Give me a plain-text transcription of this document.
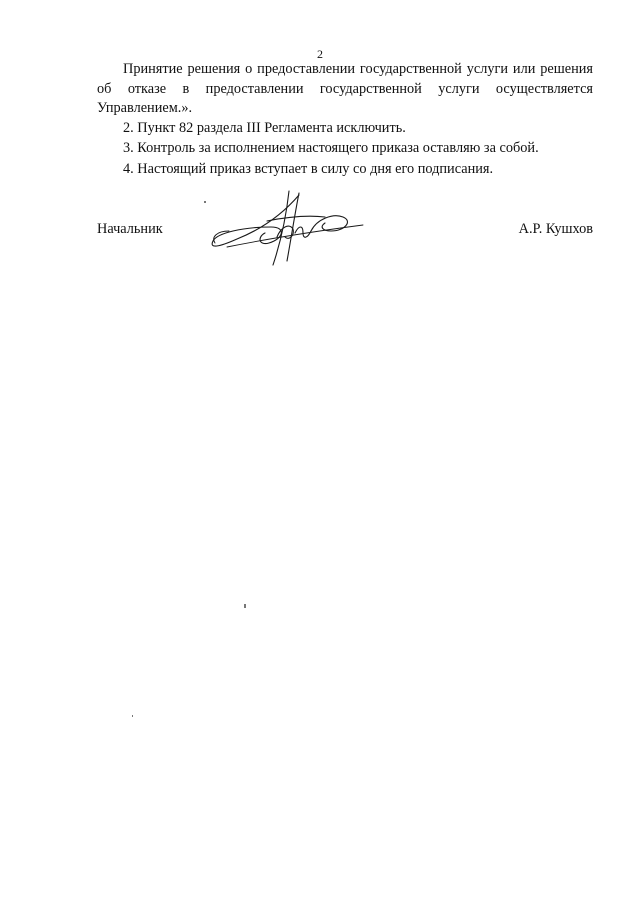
2

Принятие решения о предоставлении государственной услуги или решения об отказе в предоставлении государственной услуги осуществляется Управлением.».

2. Пункт 82 раздела III Регламента исключить.

3. Контроль за исполнением настоящего приказа оставляю за собой.

4. Настоящий приказ вступает в силу со дня его подписания.

Начальник	А.Р. Кушхов
